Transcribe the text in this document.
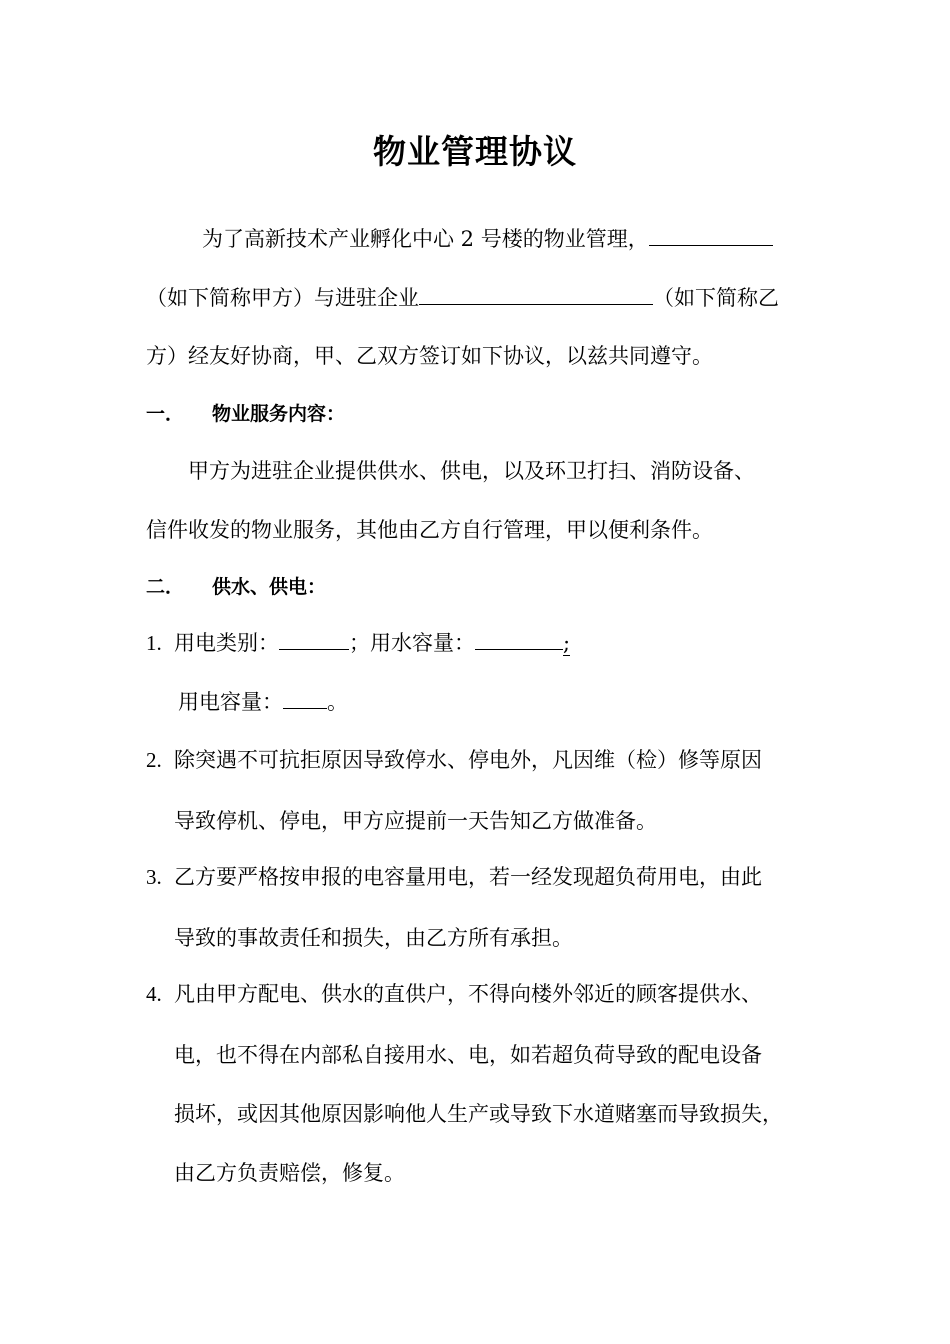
物业管理协议
为了高新技术产业孵化中心 2 号楼的物业管理，
（如下简称甲方）与进驻企业	（如下简称乙
方）经友好协商，甲、乙双方签订如下协议，以兹共同遵守。
一． 物业服务内容：
甲方为进驻企业提供供水、供电，以及环卫打扫、消防设备、
信件收发的物业服务，其他由乙方自行管理，甲以便利条件。
二． 供水、供电：
1. 用电类别：	；用水容量：	;
用电容量： 。
2. 除突遇不可抗拒原因导致停水、停电外，凡因维（检）修等原因
导致停机、停电，甲方应提前一天告知乙方做准备。
3. 乙方要严格按申报的电容量用电，若一经发现超负荷用电，由此
导致的事故责任和损失，由乙方所有承担。
4. 凡由甲方配电、供水的直供户，不得向楼外邻近的顾客提供水、
电，也不得在内部私自接用水、电，如若超负荷导致的配电设备
损坏，或因其他原因影响他人生产或导致下水道赌塞而导致损失，
由乙方负责赔偿，修复。
